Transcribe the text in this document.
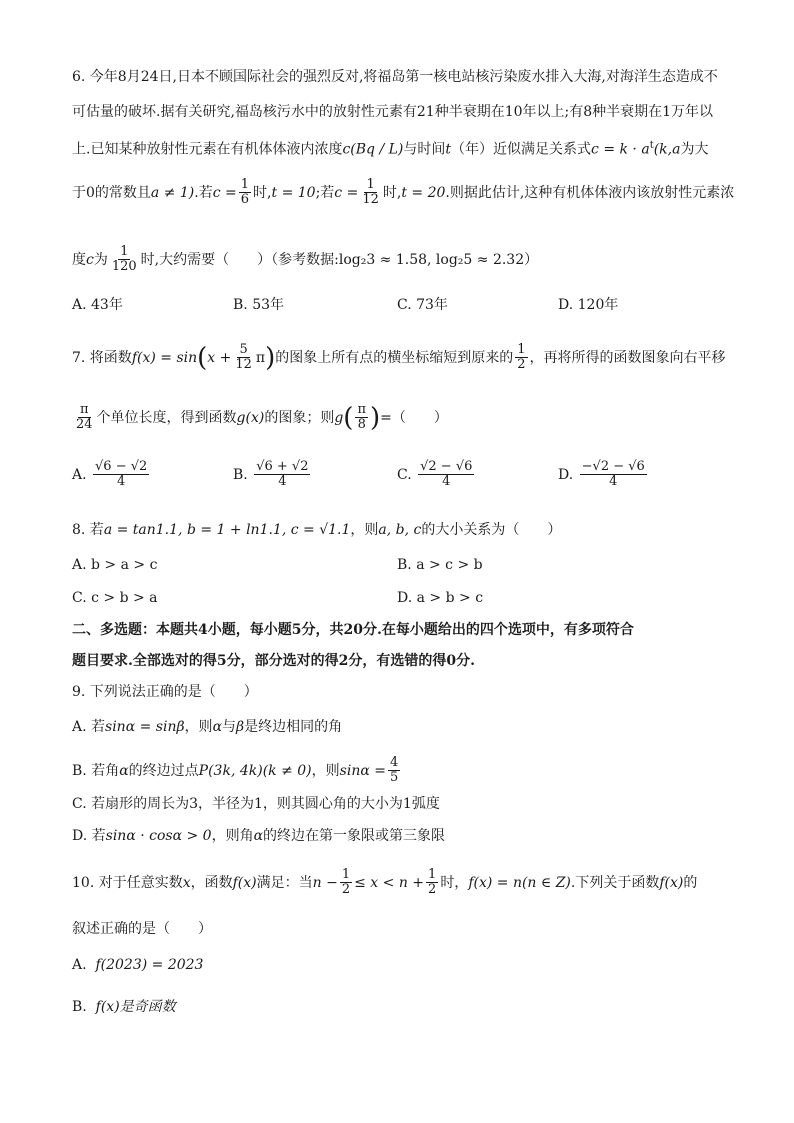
6. 今年8月24日,日本不顾国际社会的强烈反对,将福岛第一核电站核污染废水排入大海,对海洋生态造成不
可估量的破坏.据有关研究,福岛核污水中的放射性元素有21种半衰期在10年以上;有8种半衰期在1万年以
上.已知某种放射性元素在有机体体液内浓度c(Bq / L)与时间t（年）近似满足关系式$c = k \cdot a^t(k,a$为大
于0的常数且a ≠ 1).若$c = \frac{1}{6}$ 时,t = 10;若$c = \frac{1}{12}$ 时,t = 20.则据此估计,这种有机体体液内该放射性元素浓
度c为 $\frac{1}{120}$ 时,大约需要（　　）（参考数据:log₂3 ≈ 1.58, log₂5 ≈ 2.32）
A. 43年	B. 53年	C. 73年	D. 120年
7. 将函数$f(x) = \sin(x + \frac{5}{12} \pi)$的图象上所有点的横坐标缩短到原来的 $\frac{1}{2}$ ，再将所得的函数图象向右平移
$\frac{\pi}{24}$ 个单位长度，得到函数g(x)的图象；则$g( \frac{\pi}{8}$ )=（　　）
A. $\frac{√6 - √2}{4}$	B. $\frac{√6 + √2}{4}$	C. $\frac{√2 - √6}{4}$	D. $\frac{-√2 - √6}{4}$
8. 若a = tan1.1, b = 1 + ln1.1, c = √1.1，则a, b, c的大小关系为（　　）
A. b > a > c	B. a > c > b
C. c > b > a	D. a > b > c
二、多选题：本题共4小题，每小题5分，共20分.在每小题给出的四个选项中，有多项符合
题目要求.全部选对的得5分，部分选对的得2分，有选错的得0分.
9. 下列说法正确的是（　　）
A. 若sinα = sinβ，则α与β是终边相同的角
B. 若角α的终边过点P(3k, 4k)(k ≠ 0)，则$\sin\alpha = \frac{4}{5}$
C. 若扇形的周长为3，半径为1，则其圆心角的大小为1弧度
D. 若sinα · cosα > 0，则角α的终边在第一象限或第三象限
10. 对于任意实数x，函数f(x)满足：当$n - \frac{1}{2} \le x < n + \frac{1}{2}$ 时，f(x) = n(n ∈ Z).下列关于函数f(x)的
叙述正确的是（　　）
A. f(2023) = 2023
B. f(x)是奇函数
